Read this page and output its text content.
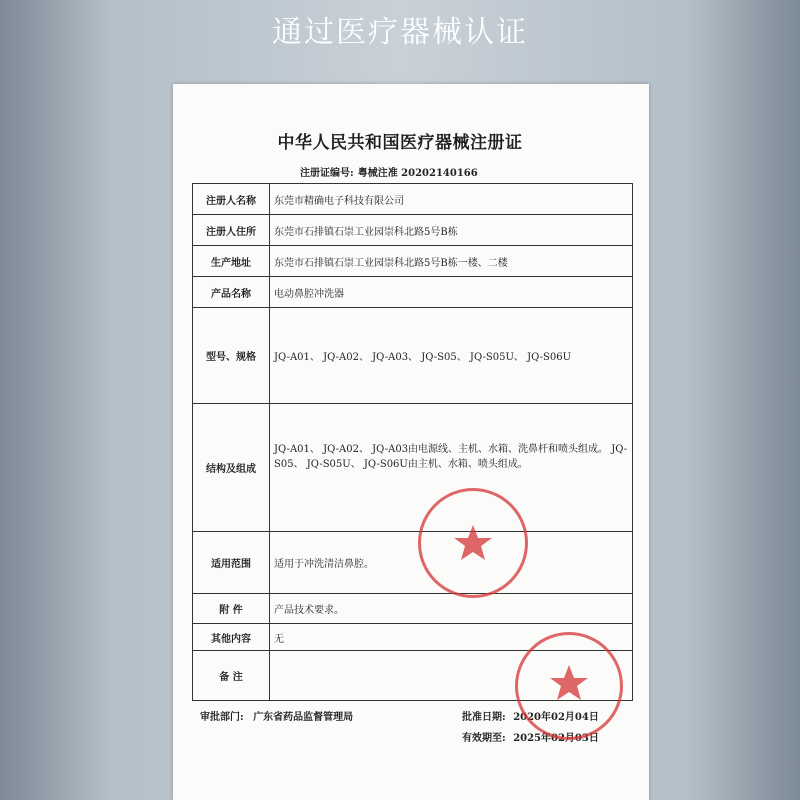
通过医疗器械认证
中华人民共和国医疗器械注册证
注册证编号: 粤械注准 20202140166
注册人名称	东莞市精确电子科技有限公司
注册人住所	东莞市石排镇石崇工业园崇科北路5号B栋
生产地址	东莞市石排镇石崇工业园崇科北路5号B栋一楼、二楼
产品名称	电动鼻腔冲洗器
型号、规格	JQ-A01、 JQ-A02、 JQ-A03、 JQ-S05、 JQ-S05U、 JQ-S06U
结构及组成	JQ-A01、 JQ-A02、 JQ-A03由电源线、主机、水箱、洗鼻杆和喷头组成。 JQ-S05、 JQ-S05U、 JQ-S06U由主机、水箱、喷头组成。
适用范围	适用于冲洗清洁鼻腔。
附 件	产品技术要求。
其他内容	无
备 注	
审批部门: 广东省药品监督管理局	批准日期: 2020年02月04日
有效期至: 2025年02月03日
